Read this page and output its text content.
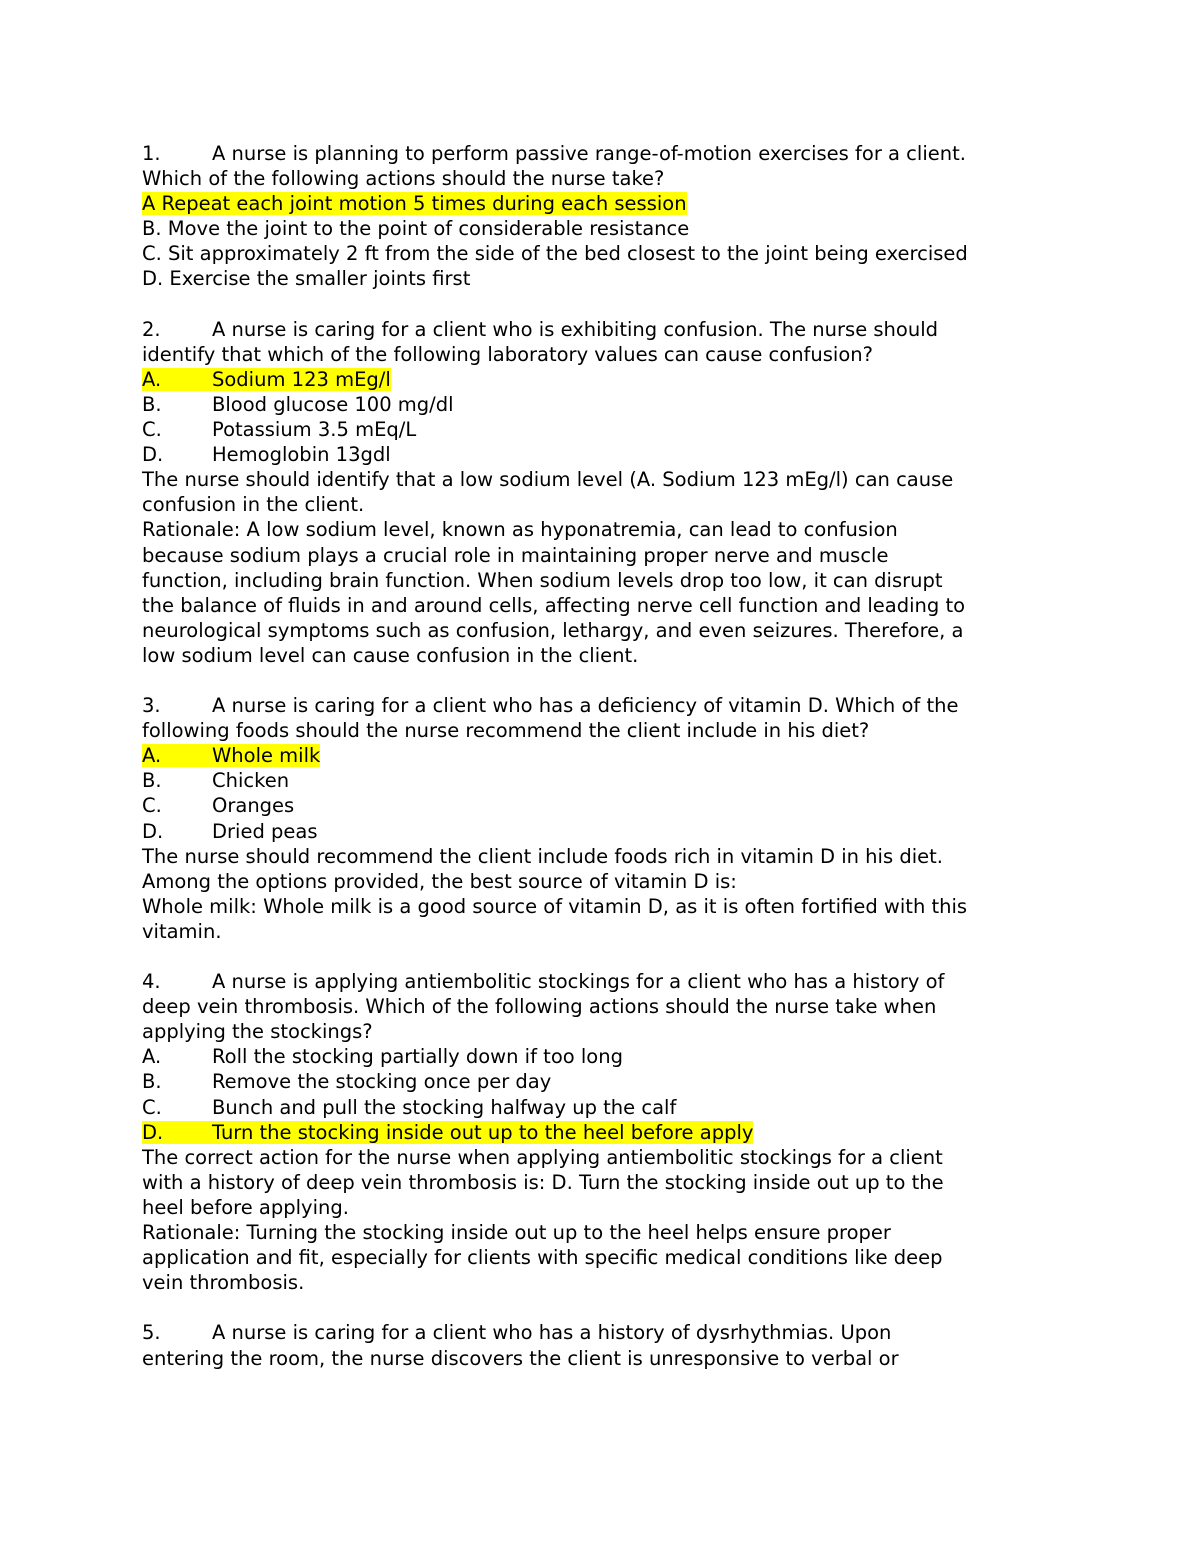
1.	A nurse is planning to perform passive range-of-motion exercises for a client.
Which of the following actions should the nurse take?
A Repeat each joint motion 5 times during each session
B. Move the joint to the point of considerable resistance
C. Sit approximately 2 ft from the side of the bed closest to the joint being exercised
D. Exercise the smaller joints first
2.	A nurse is caring for a client who is exhibiting confusion. The nurse should
identify that which of the following laboratory values can cause confusion?
A.	Sodium 123 mEg/l
B.	Blood glucose 100 mg/dl
C.	Potassium 3.5 mEq/L
D.	Hemoglobin 13gdl
The nurse should identify that a low sodium level (A. Sodium 123 mEg/l) can cause
confusion in the client.
Rationale: A low sodium level, known as hyponatremia, can lead to confusion
because sodium plays a crucial role in maintaining proper nerve and muscle
function, including brain function. When sodium levels drop too low, it can disrupt
the balance of fluids in and around cells, affecting nerve cell function and leading to
neurological symptoms such as confusion, lethargy, and even seizures. Therefore, a
low sodium level can cause confusion in the client.
3.	A nurse is caring for a client who has a deficiency of vitamin D. Which of the
following foods should the nurse recommend the client include in his diet?
A.	Whole milk
B.	Chicken
C.	Oranges
D.	Dried peas
The nurse should recommend the client include foods rich in vitamin D in his diet.
Among the options provided, the best source of vitamin D is:
Whole milk: Whole milk is a good source of vitamin D, as it is often fortified with this
vitamin.
4.	A nurse is applying antiembolitic stockings for a client who has a history of
deep vein thrombosis. Which of the following actions should the nurse take when
applying the stockings?
A.	Roll the stocking partially down if too long
B.	Remove the stocking once per day
C.	Bunch and pull the stocking halfway up the calf
D.	Turn the stocking inside out up to the heel before apply
The correct action for the nurse when applying antiembolitic stockings for a client
with a history of deep vein thrombosis is: D. Turn the stocking inside out up to the
heel before applying.
Rationale: Turning the stocking inside out up to the heel helps ensure proper
application and fit, especially for clients with specific medical conditions like deep
vein thrombosis.
5.	A nurse is caring for a client who has a history of dysrhythmias. Upon
entering the room, the nurse discovers the client is unresponsive to verbal or
